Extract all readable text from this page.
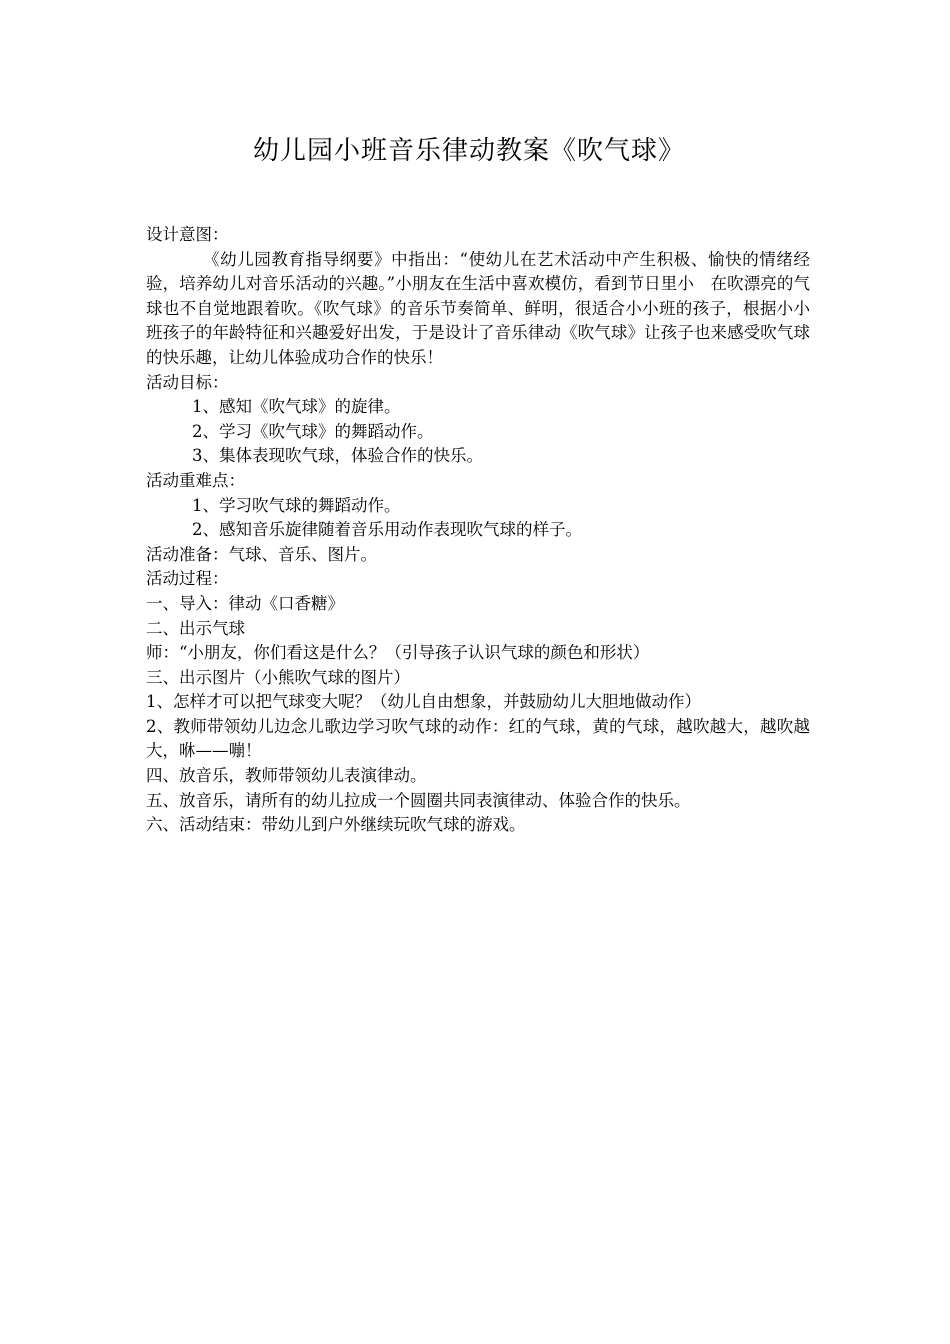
幼儿园小班音乐律动教案《吹气球》

设计意图：

《幼儿园教育指导纲要》中指出：“使幼儿在艺术活动中产生积极、愉快的情绪经验，培养幼儿对音乐活动的兴趣。”小朋友在生活中喜欢模仿，看到节日里小　在吹漂亮的气球也不自觉地跟着吹。《吹气球》的音乐节奏简单、鲜明，很适合小小班的孩子，根据小小班孩子的年龄特征和兴趣爱好出发，于是设计了音乐律动《吹气球》让孩子也来感受吹气球的快乐趣，让幼儿体验成功合作的快乐！

活动目标：

1、感知《吹气球》的旋律。

2、学习《吹气球》的舞蹈动作。

3、集体表现吹气球，体验合作的快乐。

活动重难点：

1、学习吹气球的舞蹈动作。

2、感知音乐旋律随着音乐用动作表现吹气球的样子。

活动准备：气球、音乐、图片。

活动过程：

一、导入：律动《口香糖》

二、出示气球

师：“小朋友，你们看这是什么？（引导孩子认识气球的颜色和形状）

三、出示图片（小熊吹气球的图片）

1、怎样才可以把气球变大呢？（幼儿自由想象，并鼓励幼儿大胆地做动作）

2、教师带领幼儿边念儿歌边学习吹气球的动作：红的气球，黄的气球，越吹越大，越吹越大，咻——嘣！

四、放音乐，教师带领幼儿表演律动。

五、放音乐，请所有的幼儿拉成一个圆圈共同表演律动、体验合作的快乐。

六、活动结束：带幼儿到户外继续玩吹气球的游戏。
